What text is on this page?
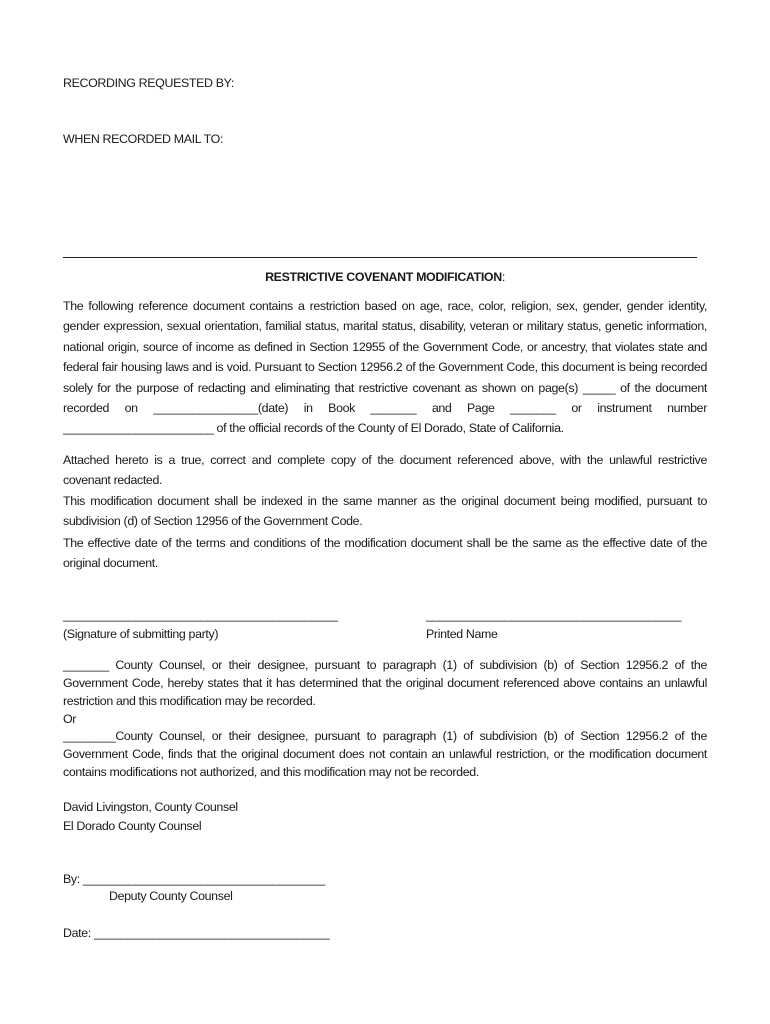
RECORDING REQUESTED BY:
WHEN RECORDED MAIL TO:
RESTRICTIVE COVENANT MODIFICATION:
The following reference document contains a restriction based on age, race, color, religion, sex, gender, gender identity, gender expression, sexual orientation, familial status, marital status, disability, veteran or military status, genetic information, national origin, source of income as defined in Section 12955 of the Government Code, or ancestry, that violates state and federal fair housing laws and is void. Pursuant to Section 12956.2 of the Government Code, this document is being recorded solely for the purpose of redacting and eliminating that restrictive covenant as shown on page(s) _____ of the document recorded on ________________(date) in Book _______ and Page _______ or instrument number _______________________ of the official records of the County of El Dorado, State of California.
Attached hereto is a true, correct and complete copy of the document referenced above, with the unlawful restrictive covenant redacted.
This modification document shall be indexed in the same manner as the original document being modified, pursuant to subdivision (d) of Section 12956 of the Government Code.
The effective date of the terms and conditions of the modification document shall be the same as the effective date of the original document.
__________________________________________	_______________________________________
(Signature of submitting party)	Printed Name
_______ County Counsel, or their designee, pursuant to paragraph (1) of subdivision (b) of Section 12956.2 of the Government Code, hereby states that it has determined that the original document referenced above contains an unlawful restriction and this modification may be recorded.
Or
________County Counsel, or their designee, pursuant to paragraph (1) of subdivision (b) of Section 12956.2 of the Government Code, finds that the original document does not contain an unlawful restriction, or the modification document contains modifications not authorized, and this modification may not be recorded.
David Livingston, County Counsel
El Dorado County Counsel
By: _____________________________________
Deputy County Counsel
Date: ____________________________________
